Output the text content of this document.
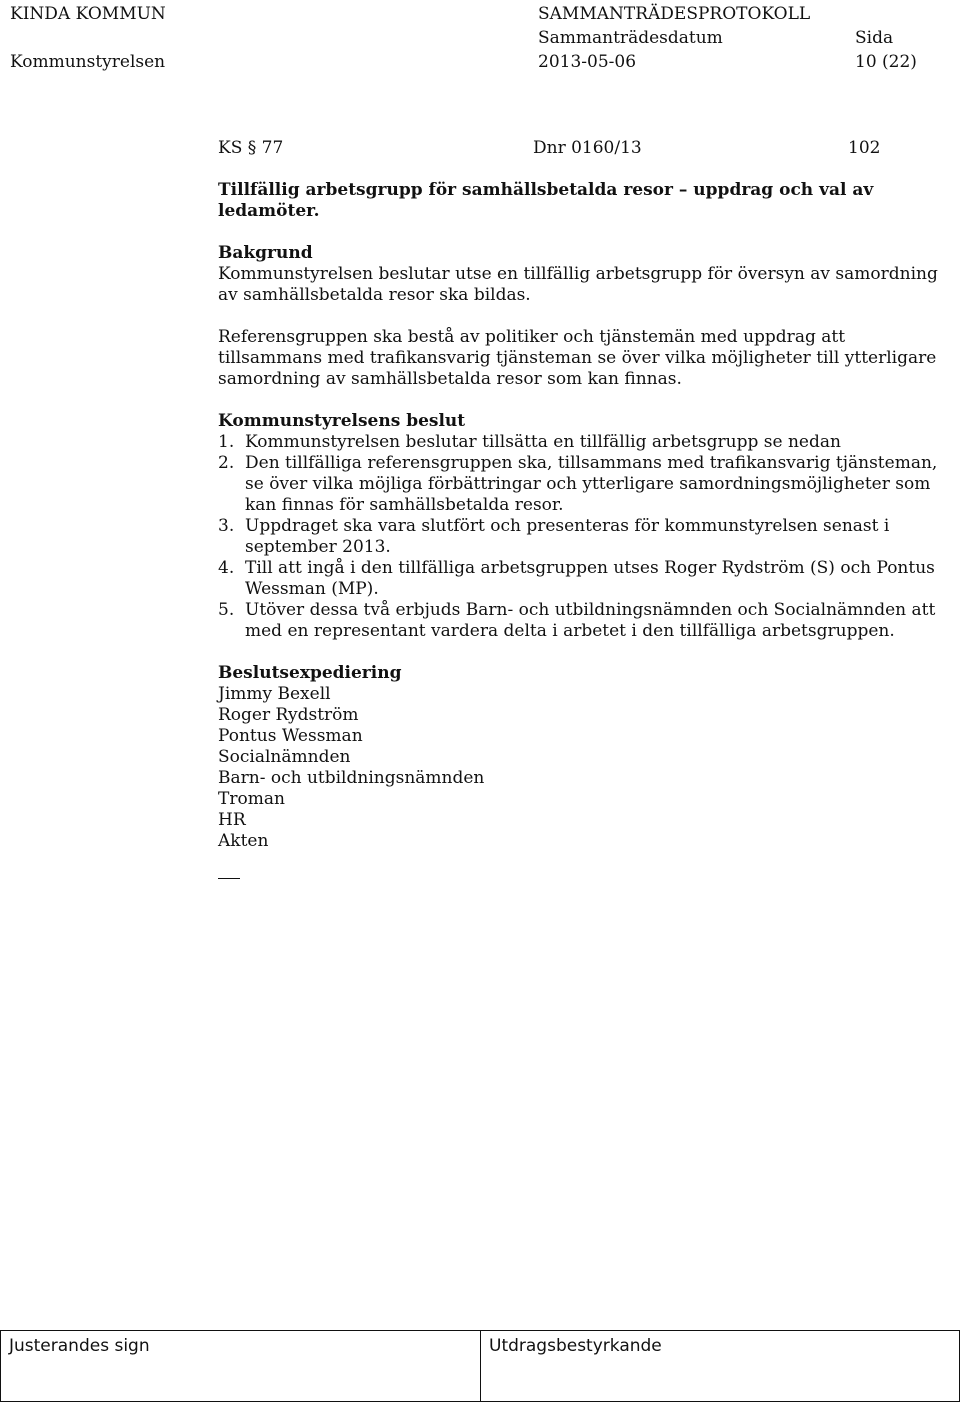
KINDA KOMMUN	SAMMANTRÄDESPROTOKOLL
Sammanträdesdatum	Sida
Kommunstyrelsen	2013-05-06	10 (22)
KS § 77	Dnr 0160/13	102
Tillfällig arbetsgrupp för samhällsbetalda resor – uppdrag och val av ledamöter.
Bakgrund

Kommunstyrelsen beslutar utse en tillfällig arbetsgrupp för översyn av samordning av samhällsbetalda resor ska bildas.

Referensgruppen ska bestå av politiker och tjänstemän med uppdrag att tillsammans med trafikansvarig tjänsteman se över vilka möjligheter till ytterligare samordning av samhällsbetalda resor som kan finnas.

Kommunstyrelsens beslut
1. Kommunstyrelsen beslutar tillsätta en tillfällig arbetsgrupp se nedan
2. Den tillfälliga referensgruppen ska, tillsammans med trafikansvarig tjänsteman, se över vilka möjliga förbättringar och ytterligare samordningsmöjligheter som kan finnas för samhällsbetalda resor.
3. Uppdraget ska vara slutfört och presenteras för kommunstyrelsen senast i september 2013.
4. Till att ingå i den tillfälliga arbetsgruppen utses Roger Rydström (S) och Pontus Wessman (MP).
5. Utöver dessa två erbjuds Barn- och utbildningsnämnden och Socialnämnden att med en representant vardera delta i arbetet i den tillfälliga arbetsgruppen.
Beslutsexpediering
Jimmy Bexell
Roger Rydström
Pontus Wessman
Socialnämnden
Barn- och utbildningsnämnden
Troman
HR
Akten
Justerandes sign	Utdragsbestyrkande
